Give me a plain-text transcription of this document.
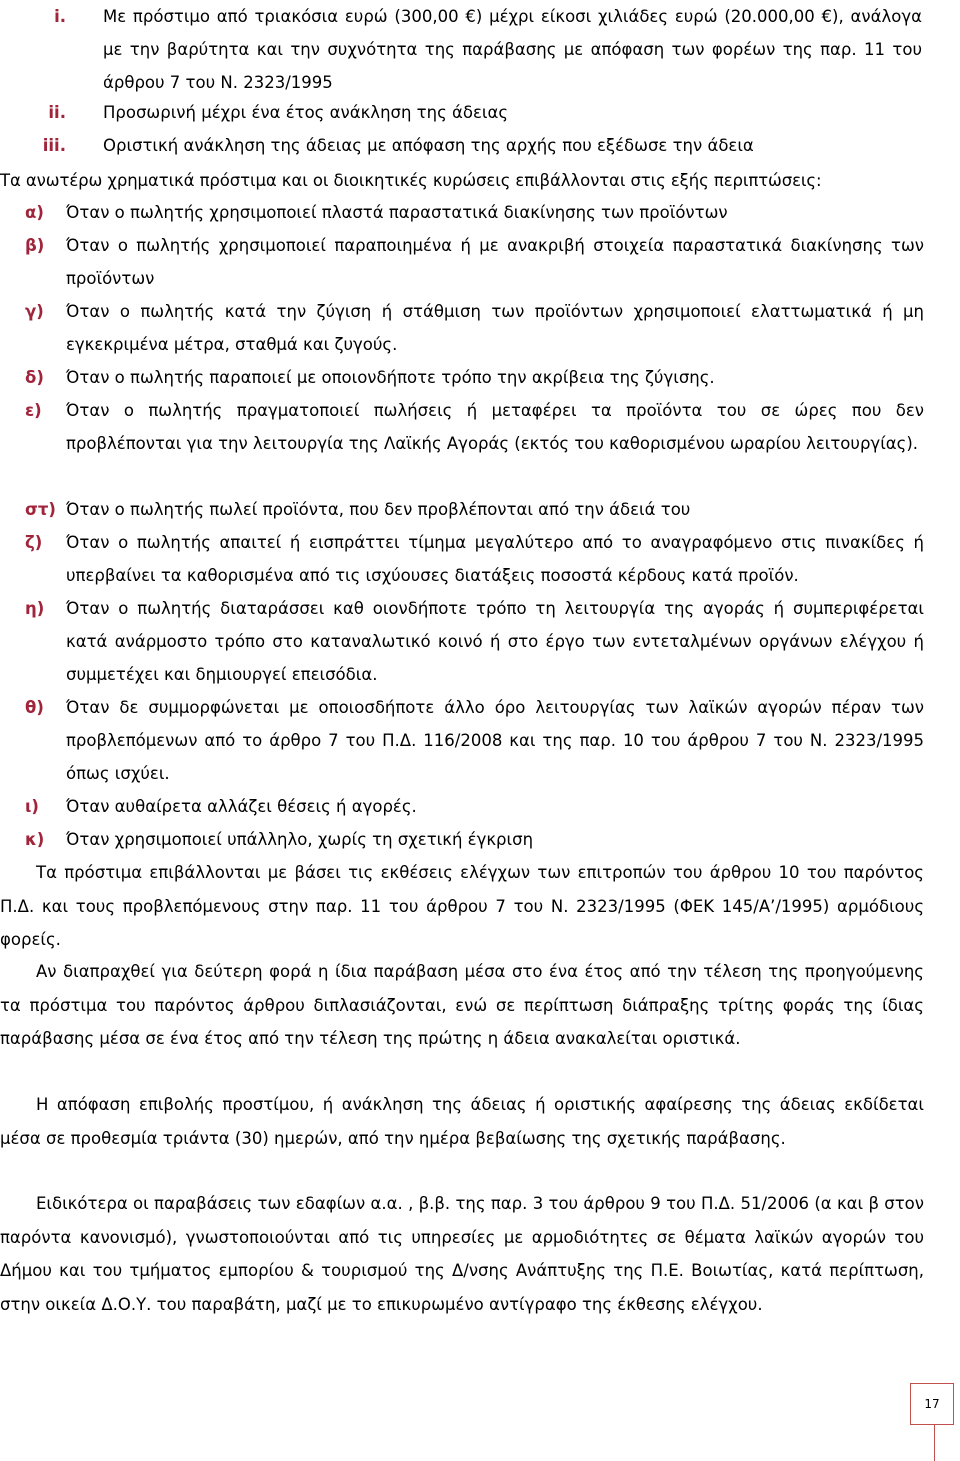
i. Με πρόστιμο από τριακόσια ευρώ (300,00 €) μέχρι είκοσι χιλιάδες ευρώ (20.000,00 €), ανάλογα με την βαρύτητα και την συχνότητα της παράβασης με απόφαση των φορέων της παρ. 11 του άρθρου 7 του Ν. 2323/1995
ii. Προσωρινή μέχρι ένα έτος ανάκληση της άδειας
iii. Οριστική ανάκληση της άδειας με απόφαση της αρχής που εξέδωσε την άδεια
Τα ανωτέρω χρηματικά πρόστιμα και οι διοικητικές κυρώσεις επιβάλλονται στις εξής περιπτώσεις:
α) Όταν ο πωλητής χρησιμοποιεί πλαστά παραστατικά διακίνησης των προϊόντων
β) Όταν ο πωλητής χρησιμοποιεί παραποιημένα ή με ανακριβή στοιχεία παραστατικά διακίνησης των προϊόντων
γ) Όταν ο πωλητής κατά την ζύγιση ή στάθμιση των προϊόντων χρησιμοποιεί ελαττωματικά ή μη εγκεκριμένα μέτρα, σταθμά και ζυγούς.
δ) Όταν ο πωλητής παραποιεί με οποιονδήποτε τρόπο την ακρίβεια της ζύγισης.
ε) Όταν ο πωλητής πραγματοποιεί πωλήσεις ή μεταφέρει τα προϊόντα του σε ώρες που δεν προβλέπονται για την λειτουργία της Λαϊκής Αγοράς (εκτός του καθορισμένου ωραρίου λειτουργίας).
στ) Όταν ο πωλητής πωλεί προϊόντα, που δεν προβλέπονται από την άδειά του
ζ) Όταν ο πωλητής απαιτεί ή εισπράττει τίμημα μεγαλύτερο από το αναγραφόμενο στις πινακίδες ή υπερβαίνει τα καθορισμένα από τις ισχύουσες διατάξεις ποσοστά κέρδους κατά προϊόν.
η) Όταν ο πωλητής διαταράσσει καθ οιονδήποτε τρόπο τη λειτουργία της αγοράς ή συμπεριφέρεται κατά ανάρμοστο τρόπο στο καταναλωτικό κοινό ή στο έργο των εντεταλμένων οργάνων ελέγχου ή συμμετέχει και δημιουργεί επεισόδια.
θ) Όταν δε συμμορφώνεται με οποιοσδήποτε άλλο όρο λειτουργίας των λαϊκών αγορών πέραν των προβλεπόμενων από το άρθρο 7 του Π.Δ. 116/2008 και της παρ. 10 του άρθρου 7 του Ν. 2323/1995 όπως ισχύει.
ι) Όταν αυθαίρετα αλλάζει θέσεις ή αγορές.
κ) Όταν χρησιμοποιεί υπάλληλο, χωρίς τη σχετική έγκριση
Τα πρόστιμα επιβάλλονται με βάσει τις εκθέσεις ελέγχων των επιτροπών του άρθρου 10 του παρόντος Π.Δ. και τους προβλεπόμενους στην παρ. 11 του άρθρου 7 του Ν. 2323/1995 (ΦΕΚ 145/Α’/1995) αρμόδιους φορείς.
Αν διαπραχθεί για δεύτερη φορά η ίδια παράβαση μέσα στο ένα έτος από την τέλεση της προηγούμενης τα πρόστιμα του παρόντος άρθρου διπλασιάζονται, ενώ σε περίπτωση διάπραξης τρίτης φοράς της ίδιας παράβασης μέσα σε ένα έτος από την τέλεση της πρώτης η άδεια ανακαλείται οριστικά.
Η απόφαση επιβολής προστίμου, ή ανάκληση της άδειας ή οριστικής αφαίρεσης της άδειας εκδίδεται μέσα σε προθεσμία τριάντα (30) ημερών, από την ημέρα βεβαίωσης της σχετικής παράβασης.
Ειδικότερα οι παραβάσεις των εδαφίων α.α. , β.β. της παρ. 3 του άρθρου 9 του Π.Δ. 51/2006 (α και β στον παρόντα κανονισμό), γνωστοποιούνται από τις υπηρεσίες με αρμοδιότητες σε θέματα λαϊκών αγορών του Δήμου και του τμήματος εμπορίου & τουρισμού της Δ/νσης Ανάπτυξης της Π.Ε. Βοιωτίας, κατά περίπτωση, στην οικεία Δ.Ο.Υ. του παραβάτη, μαζί με το επικυρωμένο αντίγραφο της έκθεσης ελέγχου.
17
